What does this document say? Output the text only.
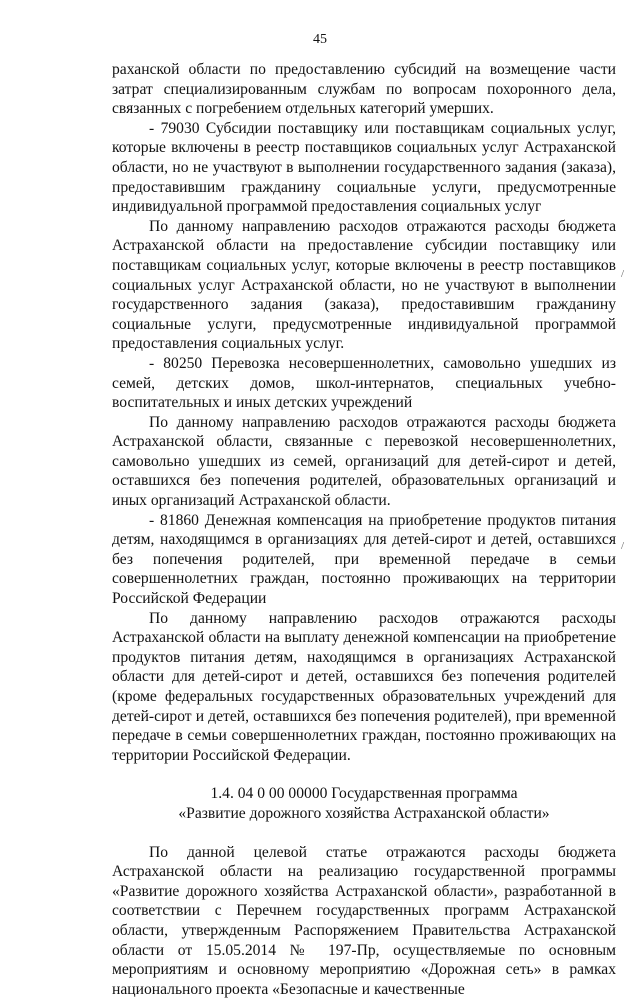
45

раханской области по предоставлению субсидий на возмещение части затрат специализированным службам по вопросам похоронного дела, связанных с погребением отдельных категорий умерших.

- 79030 Субсидии поставщику или поставщикам социальных услуг, которые включены в реестр поставщиков социальных услуг Астраханской области, но не участвуют в выполнении государственного задания (заказа), предоставившим гражданину социальные услуги, предусмотренные индивидуальной программой предоставления социальных услуг

По данному направлению расходов отражаются расходы бюджета Астраханской области на предоставление субсидии поставщику или поставщикам социальных услуг, которые включены в реестр поставщиков социальных услуг Астраханской области, но не участвуют в выполнении государственного задания (заказа), предоставившим гражданину социальные услуги, предусмотренные индивидуальной программой предоставления социальных услуг.

- 80250 Перевозка несовершеннолетних, самовольно ушедших из семей, детских домов, школ-интернатов, специальных учебно-воспитательных и иных детских учреждений

По данному направлению расходов отражаются расходы бюджета Астраханской области, связанные с перевозкой несовершеннолетних, самовольно ушедших из семей, организаций для детей-сирот и детей, оставшихся без попечения родителей, образовательных организаций и иных организаций Астраханской области.

- 81860 Денежная компенсация на приобретение продуктов питания детям, находящимся в организациях для детей-сирот и детей, оставшихся без попечения родителей, при временной передаче в семьи совершеннолетних граждан, постоянно проживающих на территории Российской Федерации

По данному направлению расходов отражаются расходы Астраханской области на выплату денежной компенсации на приобретение продуктов питания детям, находящимся в организациях Астраханской области для детей-сирот и детей, оставшихся без попечения родителей (кроме федеральных государственных образовательных учреждений для детей-сирот и детей, оставшихся без попечения родителей), при временной передаче в семьи совершеннолетних граждан, постоянно проживающих на территории Российской Федерации.

1.4. 04 0 00 00000 Государственная программа
«Развитие дорожного хозяйства Астраханской области»

По данной целевой статье отражаются расходы бюджета Астраханской области на реализацию государственной программы «Развитие дорожного хозяйства Астраханской области», разработанной в соответствии с Перечнем государственных программ Астраханской области, утвержденным Распоряжением Правительства Астраханской области от 15.05.2014 № 197-Пр, осуществляемые по основным мероприятиям и основному мероприятию «Дорожная сеть» в рамках национального проекта «Безопасные и качественные

/
/
